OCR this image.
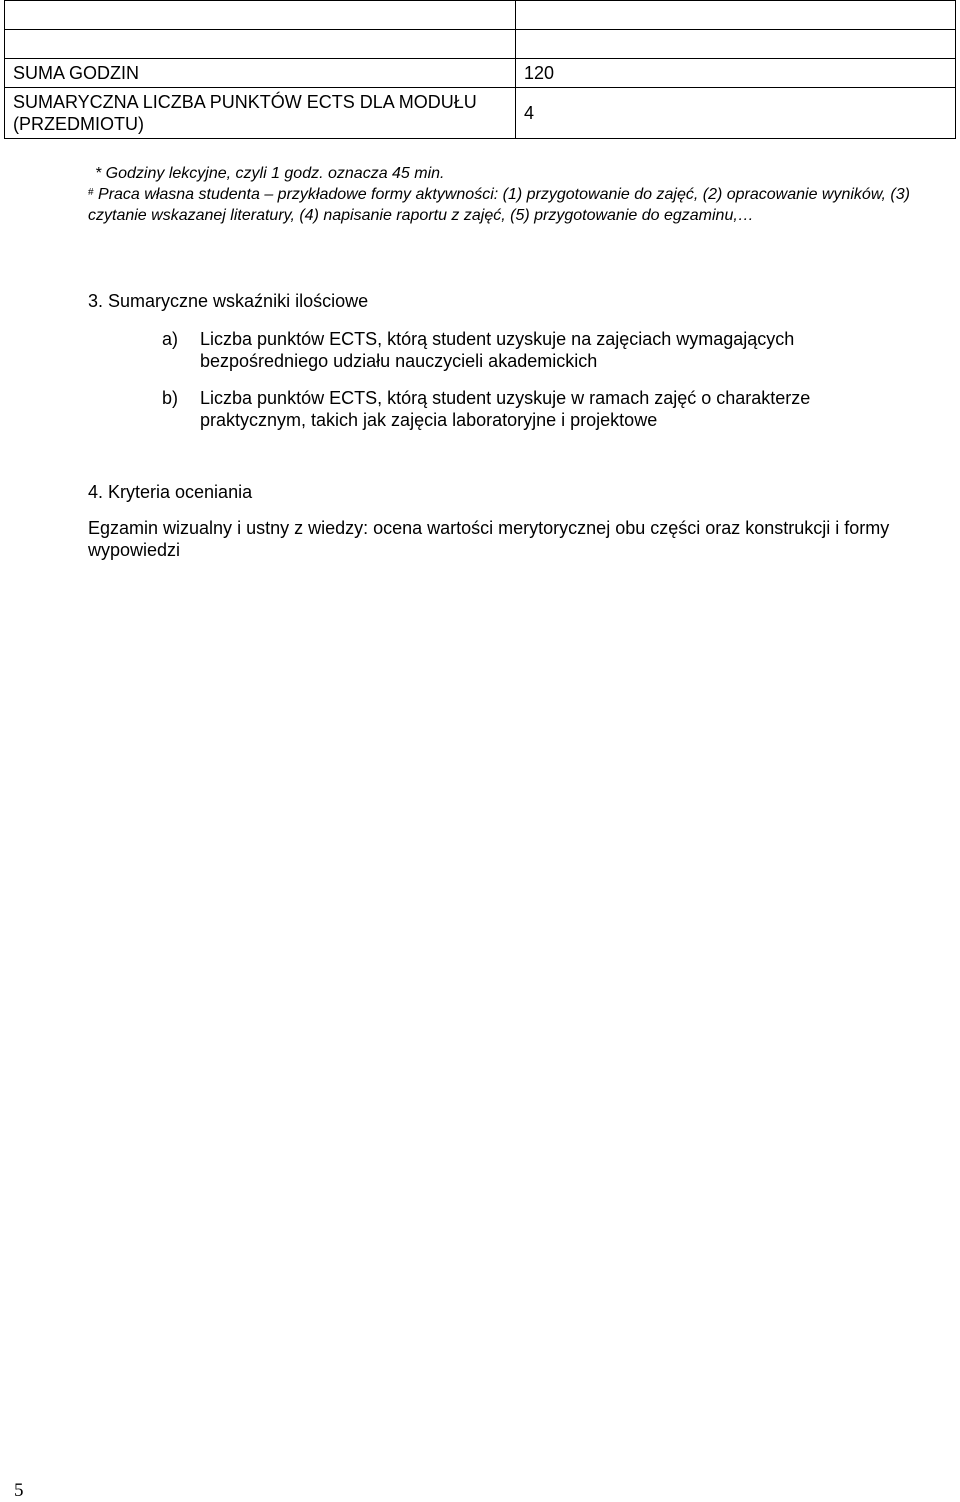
SUMA GODZIN	120
SUMARYCZNA LICZBA PUNKTÓW ECTS DLA MODUŁU (PRZEDMIOTU)	4
* Godziny lekcyjne, czyli 1 godz. oznacza 45 min.
# Praca własna studenta – przykładowe formy aktywności: (1) przygotowanie do zajęć, (2) opracowanie wyników, (3) czytanie wskazanej literatury, (4) napisanie raportu z zajęć, (5) przygotowanie do egzaminu,…
3. Sumaryczne wskaźniki ilościowe
a) Liczba punktów ECTS, którą student uzyskuje na zajęciach wymagających bezpośredniego udziału nauczycieli akademickich
b) Liczba punktów ECTS, którą student uzyskuje w ramach zajęć o charakterze praktycznym, takich jak zajęcia laboratoryjne i projektowe
4. Kryteria oceniania
Egzamin wizualny i ustny z wiedzy: ocena wartości merytorycznej obu części oraz konstrukcji i formy wypowiedzi
5
